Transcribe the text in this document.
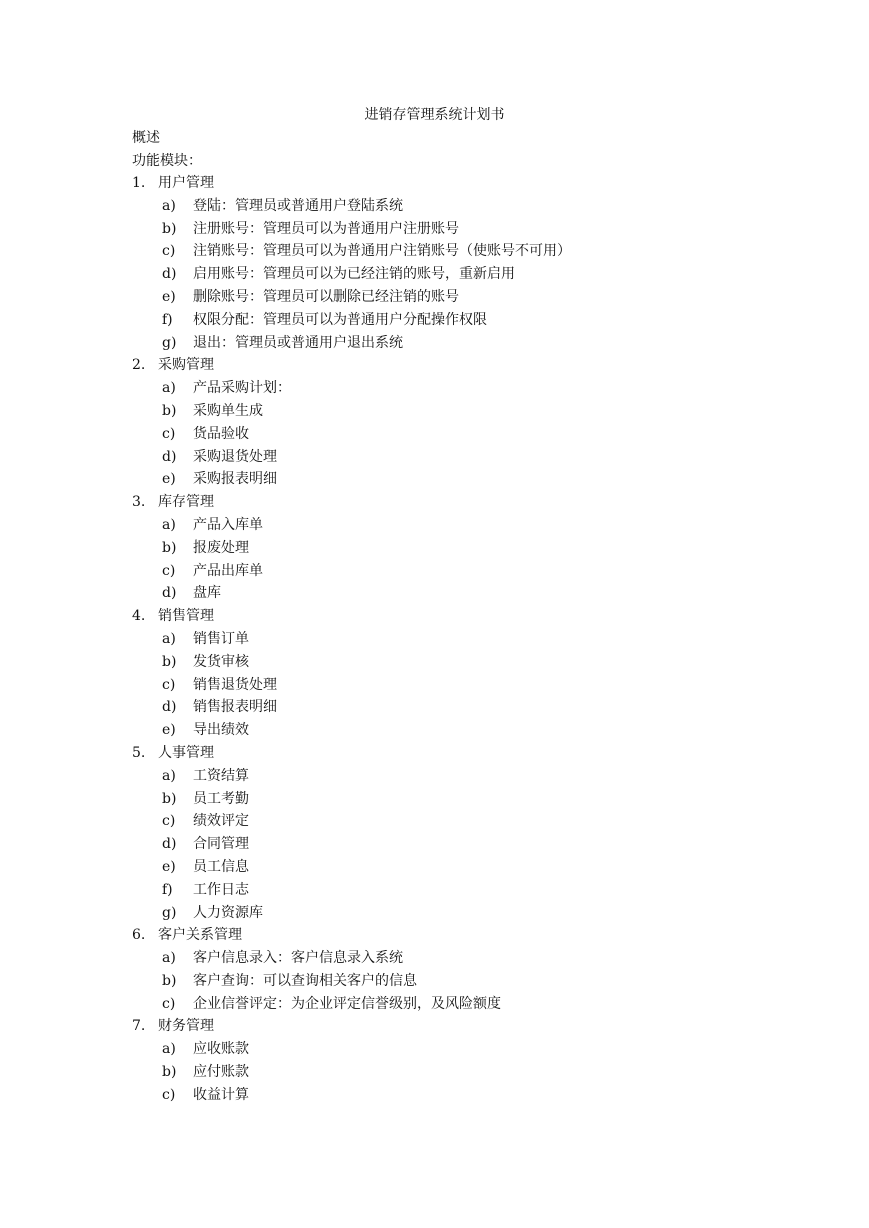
进销存管理系统计划书
概述
功能模块：
1. 用户管理
a) 登陆：管理员或普通用户登陆系统
b) 注册账号：管理员可以为普通用户注册账号
c) 注销账号：管理员可以为普通用户注销账号（使账号不可用）
d) 启用账号：管理员可以为已经注销的账号，重新启用
e) 删除账号：管理员可以删除已经注销的账号
f) 权限分配：管理员可以为普通用户分配操作权限
g) 退出：管理员或普通用户退出系统
2. 采购管理
a) 产品采购计划：
b) 采购单生成
c) 货品验收
d) 采购退货处理
e) 采购报表明细
3. 库存管理
a) 产品入库单
b) 报废处理
c) 产品出库单
d) 盘库
4. 销售管理
a) 销售订单
b) 发货审核
c) 销售退货处理
d) 销售报表明细
e) 导出绩效
5. 人事管理
a) 工资结算
b) 员工考勤
c) 绩效评定
d) 合同管理
e) 员工信息
f) 工作日志
g) 人力资源库
6. 客户关系管理
a) 客户信息录入：客户信息录入系统
b) 客户查询：可以查询相关客户的信息
c) 企业信誉评定：为企业评定信誉级别，及风险额度
7. 财务管理
a) 应收账款
b) 应付账款
c) 收益计算
